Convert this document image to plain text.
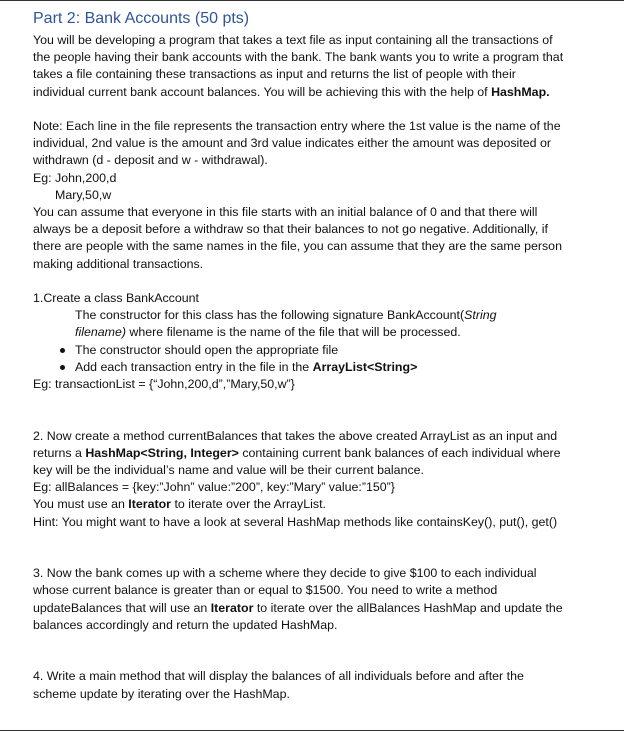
Part 2: Bank Accounts (50 pts)

You will be developing a program that takes a text file as input containing all the transactions of

the people having their bank accounts with the bank. The bank wants you to write a program that

takes a file containing these transactions as input and returns the list of people with their

individual current bank account balances. You will be achieving this with the help of HashMap.

Note: Each line in the file represents the transaction entry where the 1st value is the name of the

individual, 2nd value is the amount and 3rd value indicates either the amount was deposited or

withdrawn (d - deposit and w - withdrawal).

Eg: John,200,d

Mary,50,w

You can assume that everyone in this file starts with an initial balance of 0 and that there will

always be a deposit before a withdraw so that their balances to not go negative. Additionally, if

there are people with the same names in the file, you can assume that they are the same person

making additional transactions.

1.Create a class BankAccount

The constructor for this class has the following signature BankAccount(String

filename) where filename is the name of the file that will be processed.

The constructor should open the appropriate file

Add each transaction entry in the file in the ArrayList<String>

Eg: transactionList = {“John,200,d”,”Mary,50,w”}

2. Now create a method currentBalances that takes the above created ArrayList as an input and

returns a HashMap<String, Integer> containing current bank balances of each individual where

key will be the individual’s name and value will be their current balance.

Eg: allBalances = {key:”John” value:”200”, key:”Mary” value:”150”}

You must use an Iterator to iterate over the ArrayList.

Hint: You might want to have a look at several HashMap methods like containsKey(), put(), get()

3. Now the bank comes up with a scheme where they decide to give $100 to each individual

whose current balance is greater than or equal to $1500. You need to write a method

updateBalances that will use an Iterator to iterate over the allBalances HashMap and update the

balances accordingly and return the updated HashMap.

4. Write a main method that will display the balances of all individuals before and after the

scheme update by iterating over the HashMap.
